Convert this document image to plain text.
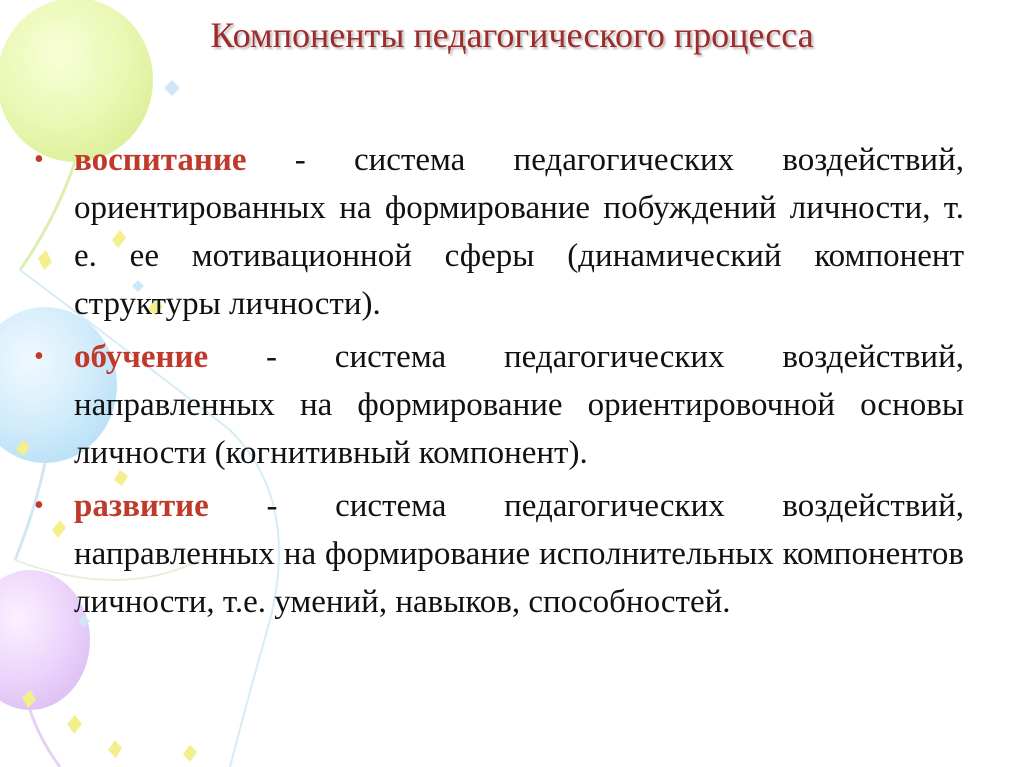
Компоненты педагогического процесса
• воспитание - система педагогических воздействий, ориентированных на формирование побуждений личности, т. е. ее мотивационной сферы (динамический компонент структуры личности).
• обучение - система педагогических воздействий, направленных на формирование ориентировочной основы личности (когнитивный компонент).
• развитие - система педагогических воздействий, направленных на формирование исполнительных компонентов личности, т.е. умений, навыков, способностей.
